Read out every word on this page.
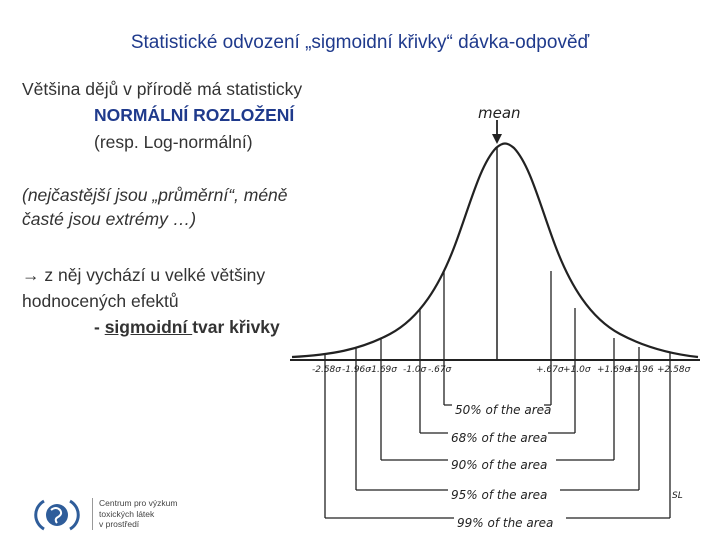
Statistické odvození „sigmoidní křivky“ dávka-odpověď
Většina dějů v přírodě má statisticky
NORMÁLNÍ ROZLOŽENÍ
(resp. Log-normální)
(nejčastější jsou „průměrní“, méně
časté jsou extrémy …)
→ z něj vychází u velké většiny
hodnocených efektů
- sigmoidní tvar křivky
mean
-2.58σ -1.96σ
-1.69σ -1.0σ -.67σ	+.67σ +1.0σ +1.69σ
+1.96 +2.58σ
50% of the area
68% of the area
90% of the area
95% of the area
99% of the area
SL
Centrum pro výzkum
toxických látek
v prostředí
